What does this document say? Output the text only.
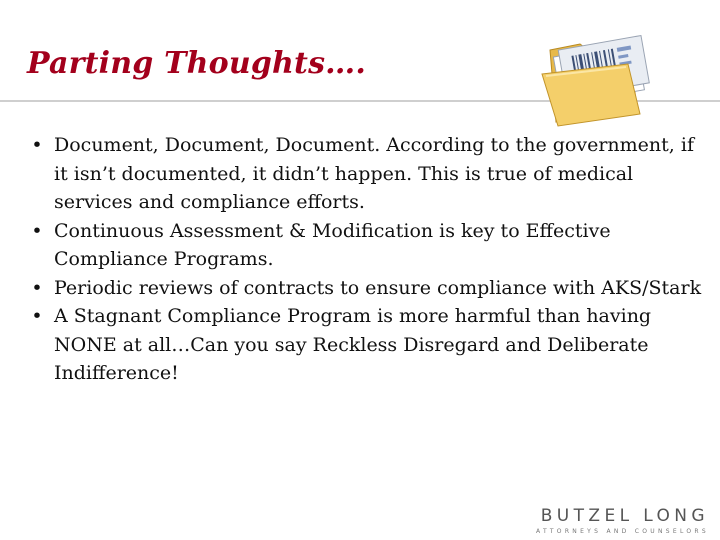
Parting Thoughts….
• Document, Document, Document. According to the government, if it isn’t documented, it didn’t happen. This is true of medical services and compliance efforts.
• Continuous Assessment & Modification is key to Effective Compliance Programs.
• Periodic reviews of contracts to ensure compliance with AKS/Stark
• A Stagnant Compliance Program is more harmful than having NONE at all…Can you say Reckless Disregard and Deliberate Indifference!
BUTZEL LONG
ATTORNEYS AND COUNSELORS
